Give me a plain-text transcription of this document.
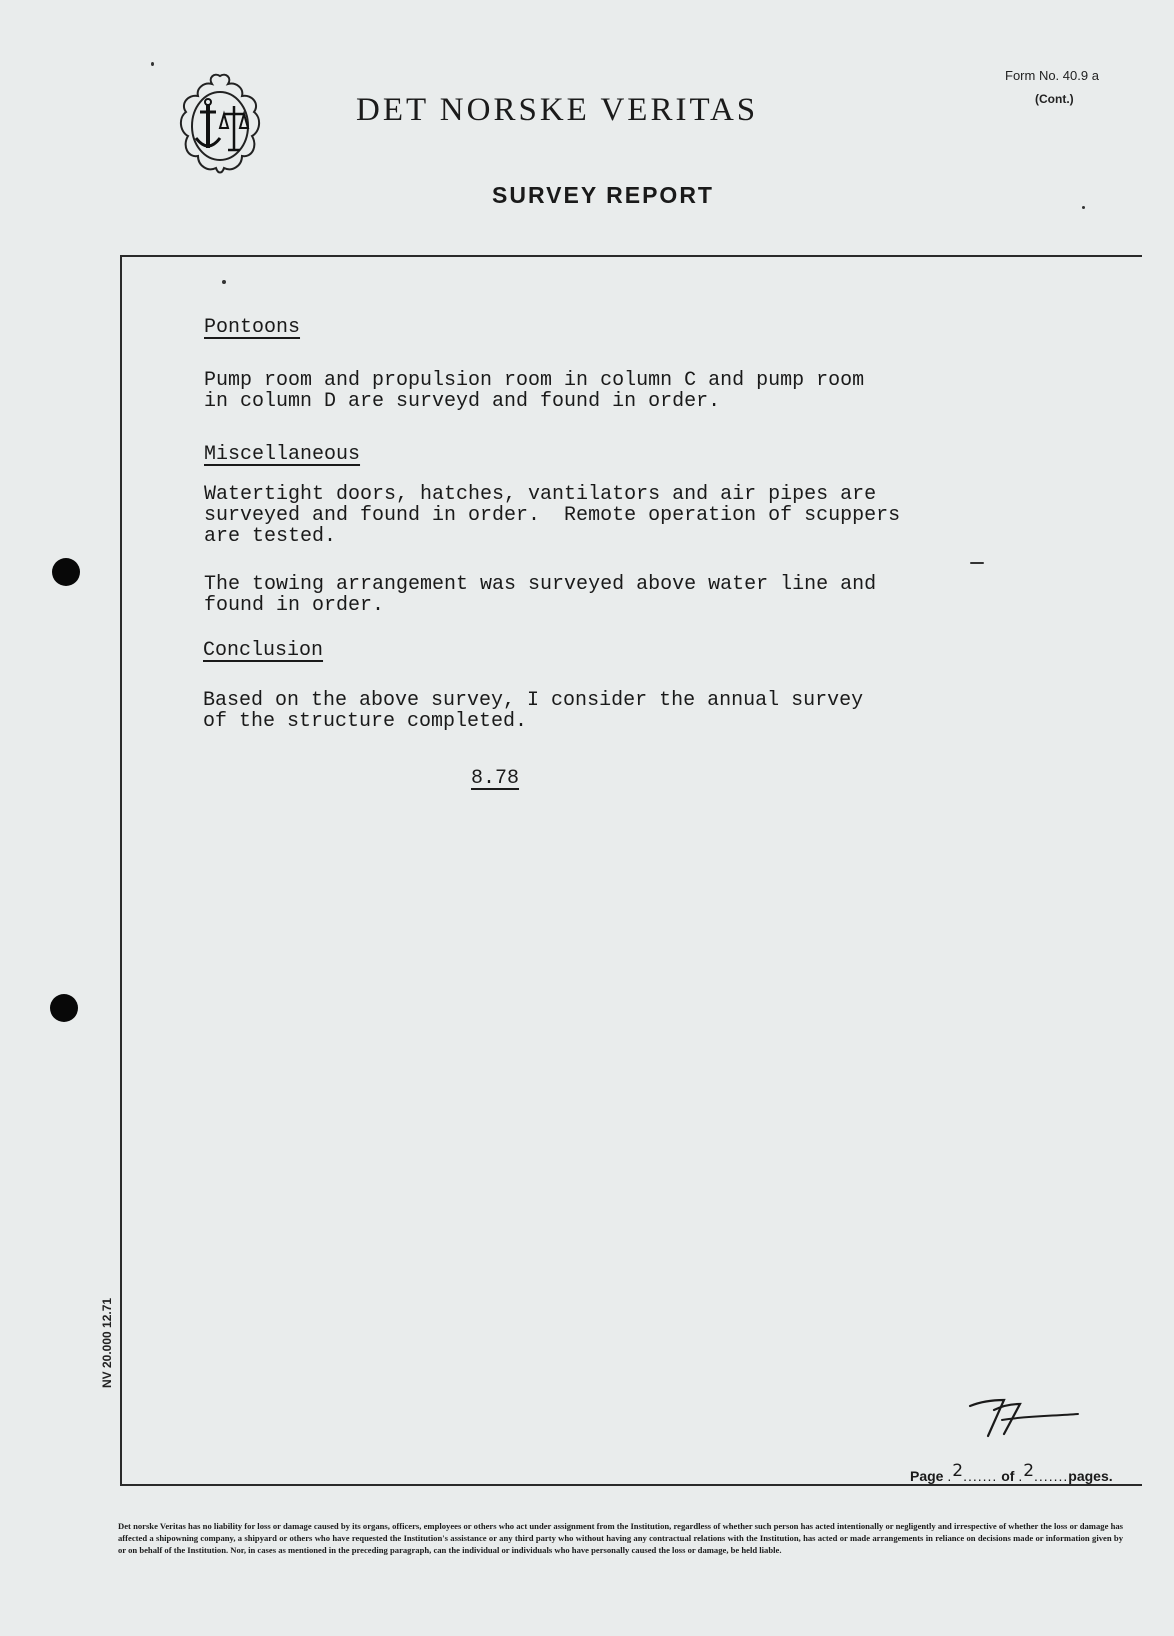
DET NORSKE VERITAS
Form No. 40.9 a
(Cont.)
SURVEY REPORT
Pontoons
Pump room and propulsion room in column C and pump room
in column D are surveyd and found in order.
Miscellaneous
Watertight doors, hatches, vantilators and air pipes are
surveyed and found in order.  Remote operation of scuppers
are tested.
The towing arrangement was surveyed above water line and
found in order.
Conclusion
Based on the above survey, I consider the annual survey
of the structure completed.
8.78
NV 20.000 12.71
Page .2....... of .2.......pages.
Det norske Veritas has no liability for loss or damage caused by its organs, officers, employees or others who act under assignment from the Institution, regardless of whether such person has acted intentionally or negligently and irrespective of whether the loss or damage has affected a shipowning company, a shipyard or others who have requested the Institution's assistance or any third party who without having any contractual relations with the Institution, has acted or made arrangements in reliance on decisions made or information given by or on behalf of the Institution. Nor, in cases as mentioned in the preceding paragraph, can the individual or individuals who have personally caused the loss or damage, be held liable.
